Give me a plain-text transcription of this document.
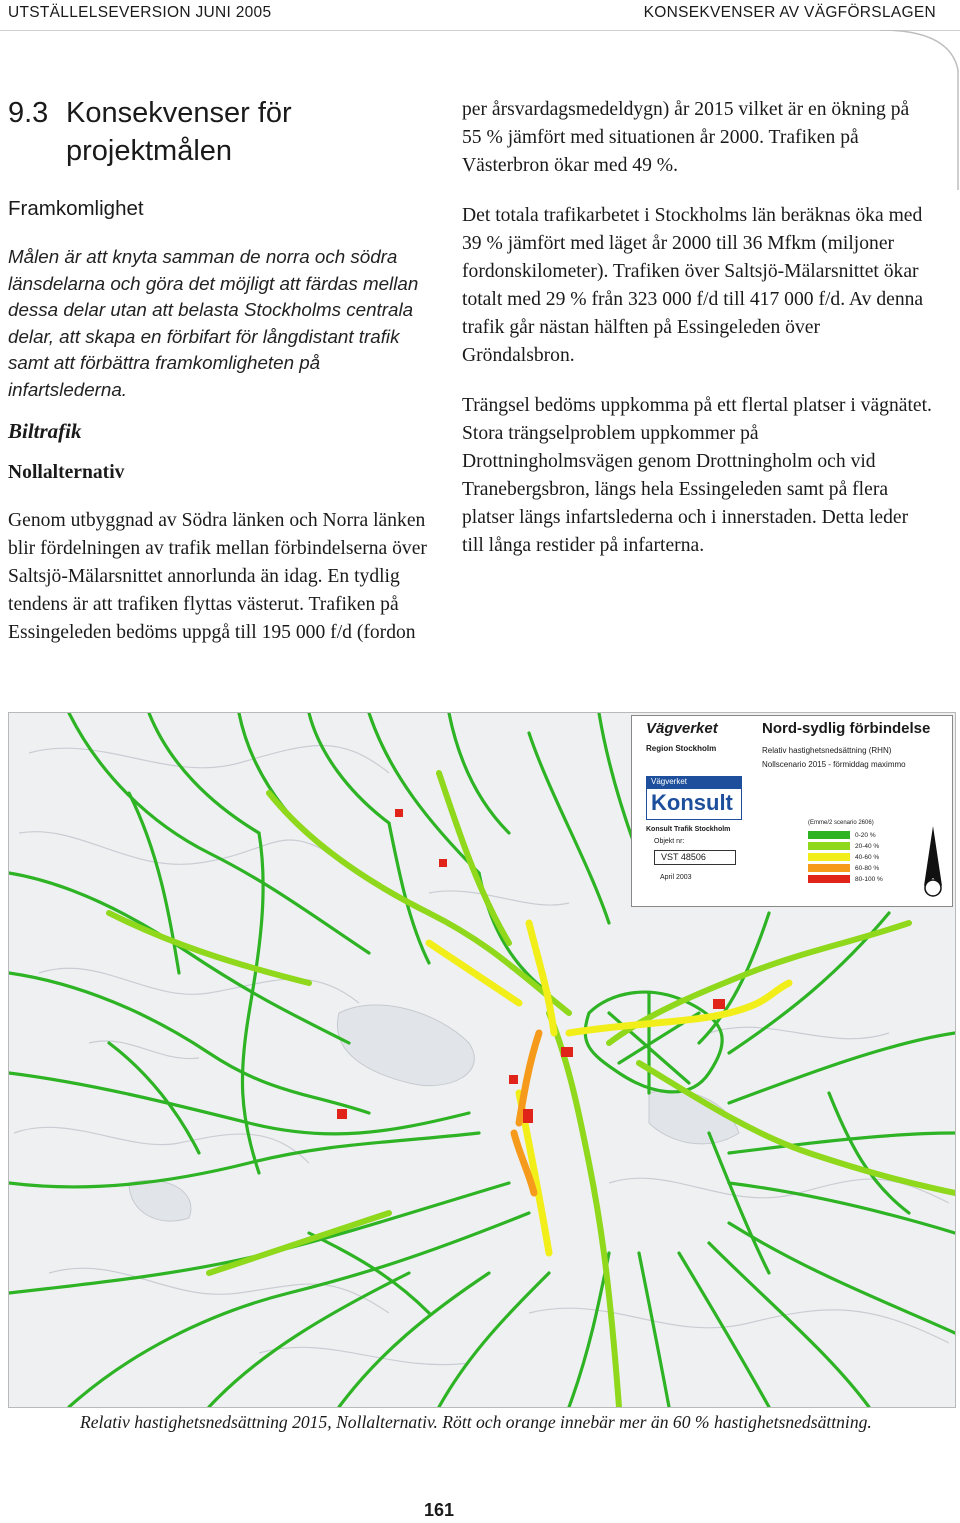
UTSTÄLLELSEVERSION JUNI 2005	KONSEKVENSER AV VÄGFÖRSLAGEN
9.3 Konsekvenser för
projektmålen
Framkomlighet

Målen är att knyta samman de norra och södra länsdelarna och göra det möjligt att färdas mellan dessa delar utan att belasta Stockholms centrala delar, att skapa en förbifart för långdistant trafik samt att förbättra framkomligheten på infartslederna.

Biltrafik
Nollalternativ

Genom utbyggnad av Södra länken och Norra länken blir fördelningen av trafik mellan förbindelserna över Saltsjö-Mälarsnittet annorlunda än idag. En tydlig tendens är att trafiken flyttas västerut. Trafiken på Essingeleden bedöms uppgå till 195 000 f/d (fordon

per årsvardagsmedeldygn) år 2015 vilket är en ökning på 55 % jämfört med situationen år 2000. Trafiken på Västerbron ökar med 49 %.

Det totala trafikarbetet i Stockholms län beräknas öka med 39 % jämfört med läget år 2000 till 36 Mfkm (miljoner fordonskilometer). Trafiken över Saltsjö-Mälarsnittet ökar totalt med 29 % från 323 000 f/d till 417 000 f/d. Av denna trafik går nästan hälften på Essingeleden över Gröndalsbron.

Trängsel bedöms uppkomma på ett flertal platser i vägnätet. Stora trängselproblem uppkommer på Drottningholmsvägen genom Drottningholm och vid Tranebergsbron, längs hela Essingeleden samt på flera platser längs infartslederna och i innerstaden. Detta leder till långa restider på infarterna.

Vägverket	Nord-sydlig förbindelse
Region Stockholm	Relativ hastighetsnedsättning (RHN)
Nollscenario 2015 - förmiddag maximmo
Vägverket
Konsult
Konsult Trafik Stockholm
Objekt nr:
VST 48506
April 2003
(Emme/2 scenario 2606)
0-20 %
20-40 %
40-60 %
60-80 %
80-100 %
Relativ hastighetsnedsättning 2015, Nollalternativ. Rött och orange innebär mer än 60 % hastighetsnedsättning.
161
